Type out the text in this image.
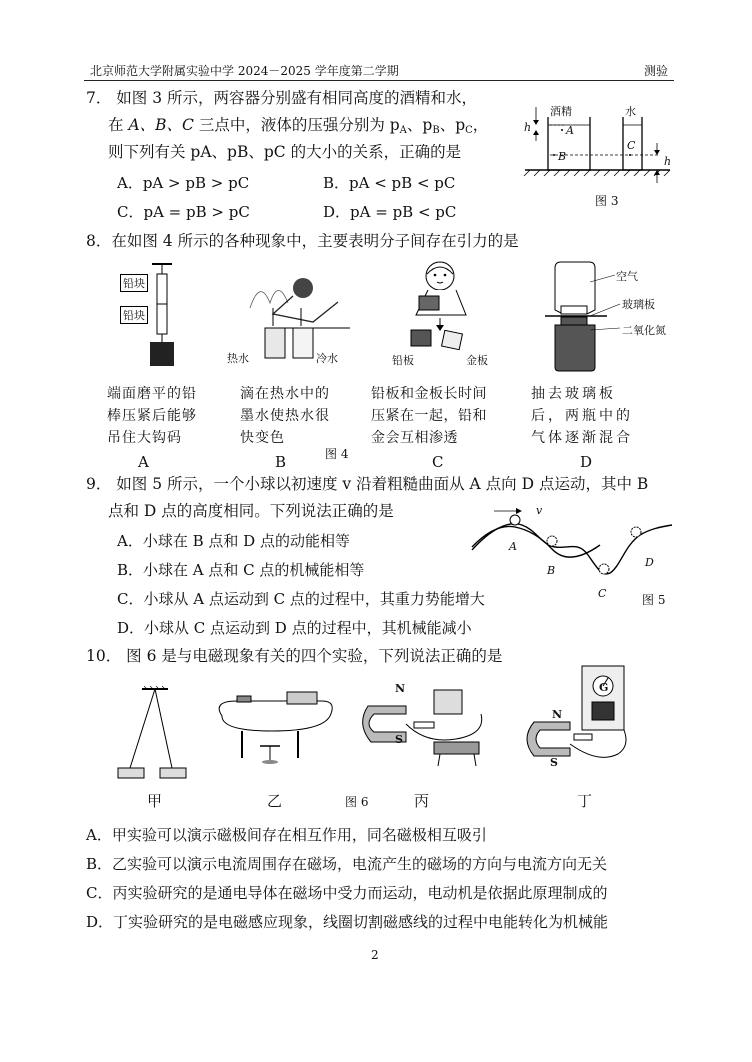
北京师范大学附属实验中学 2024－2025 学年度第二学期	测验
7． 如图 3 所示，两容器分别盛有相同高度的酒精和水，
在 A、B、C 三点中，液体的压强分别为 $p_A$、$p_B$、$p_C$，
则下列有关 pA、pB、pC 的大小的关系，正确的是
A．pA > pB > pC	B．pA < pB < pC
C．pA = pB > pC	D．pA = pB < pC
酒精	水
h
h
A
B
C
图 3
8．在如图 4 所示的各种现象中，主要表明分子间存在引力的是
铅块
铅块
热水	冷水	铅板	金板
空气
玻璃板
二氧化氮
端面磨平的铅
棒压紧后能够
吊住大钩码
滴在热水中的
墨水使热水很
快变色
铅板和金板长时间
压紧在一起，铅和
金会互相渗透
抽去玻璃板
后，两瓶中的
气体逐渐混合
图 4
A	B	C	D
9． 如图 5 所示，一个小球以初速度 v 沿着粗糙曲面从 A 点向 D 点运动，其中 B
点和 D 点的高度相同。下列说法正确的是
A．小球在 B 点和 D 点的动能相等
B．小球在 A 点和 C 点的机械能相等
C．小球从 A 点运动到 C 点的过程中，其重力势能增大
D．小球从 C 点运动到 D 点的过程中，其机械能减小
v
A
B
C
D
图 5
10． 图 6 是与电磁现象有关的四个实验，下列说法正确的是
N
S
N
S
G
甲	乙	图 6	丙	丁
A．甲实验可以演示磁极间存在相互作用，同名磁极相互吸引
B．乙实验可以演示电流周围存在磁场，电流产生的磁场的方向与电流方向无关
C．丙实验研究的是通电导体在磁场中受力而运动，电动机是依据此原理制成的
D．丁实验研究的是电磁感应现象，线圈切割磁感线的过程中电能转化为机械能
2
